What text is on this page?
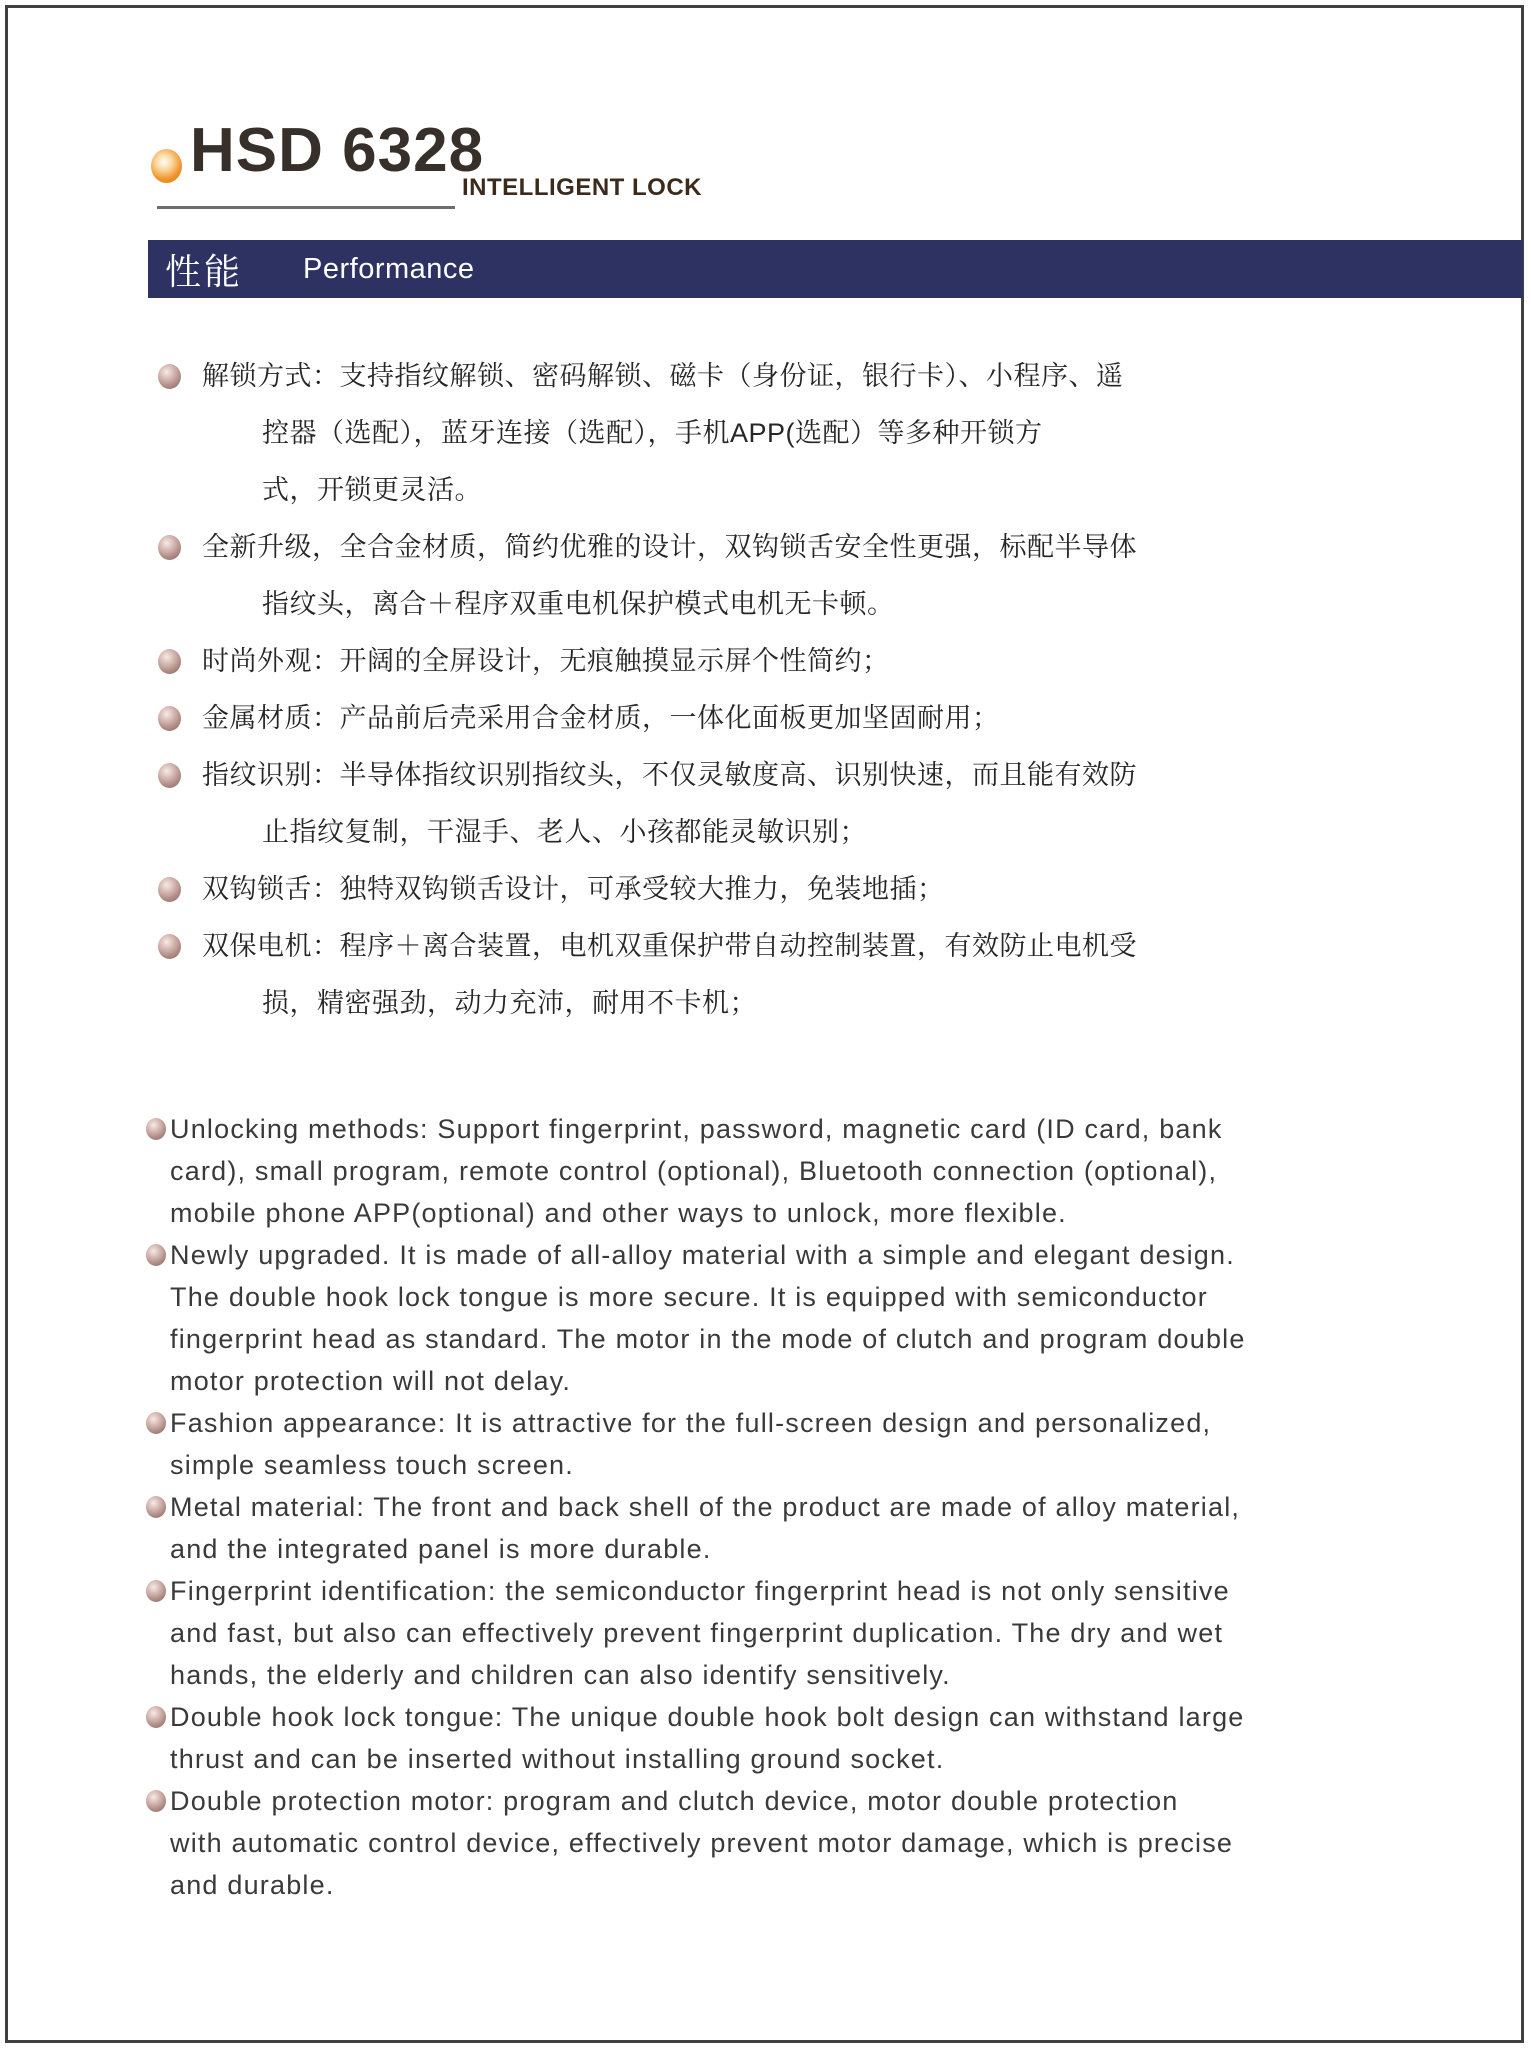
HSD 6328
INTELLIGENT LOCK
性能 Performance
解锁方式：支持指纹解锁、密码解锁、磁卡（身份证，银行卡）、小程序、遥
控器（选配），蓝牙连接（选配），手机APP(选配）等多种开锁方
式，开锁更灵活。
全新升级，全合金材质，简约优雅的设计，双钩锁舌安全性更强，标配半导体
指纹头，离合＋程序双重电机保护模式电机无卡顿。
时尚外观：开阔的全屏设计，无痕触摸显示屏个性简约；
金属材质：产品前后壳采用合金材质，一体化面板更加坚固耐用；
指纹识别：半导体指纹识别指纹头，不仅灵敏度高、识别快速，而且能有效防
止指纹复制，干湿手、老人、小孩都能灵敏识别；
双钩锁舌：独特双钩锁舌设计，可承受较大推力，免装地插；
双保电机：程序＋离合装置，电机双重保护带自动控制装置，有效防止电机受
损，精密强劲，动力充沛，耐用不卡机；
Unlocking methods: Support fingerprint, password, magnetic card (ID card, bank
card), small program, remote control (optional), Bluetooth connection (optional),
mobile phone APP(optional) and other ways to unlock, more flexible.
Newly upgraded. It is made of all-alloy material with a simple and elegant design.
The double hook lock tongue is more secure. It is equipped with semiconductor
fingerprint head as standard. The motor in the mode of clutch and program double
motor protection will not delay.
Fashion appearance: It is attractive for the full-screen design and personalized,
simple seamless touch screen.
Metal material: The front and back shell of the product are made of alloy material,
and the integrated panel is more durable.
Fingerprint identification: the semiconductor fingerprint head is not only sensitive
and fast, but also can effectively prevent fingerprint duplication. The dry and wet
hands, the elderly and children can also identify sensitively.
Double hook lock tongue: The unique double hook bolt design can withstand large
thrust and can be inserted without installing ground socket.
Double protection motor: program and clutch device, motor double protection
with automatic control device, effectively prevent motor damage, which is precise
and durable.
